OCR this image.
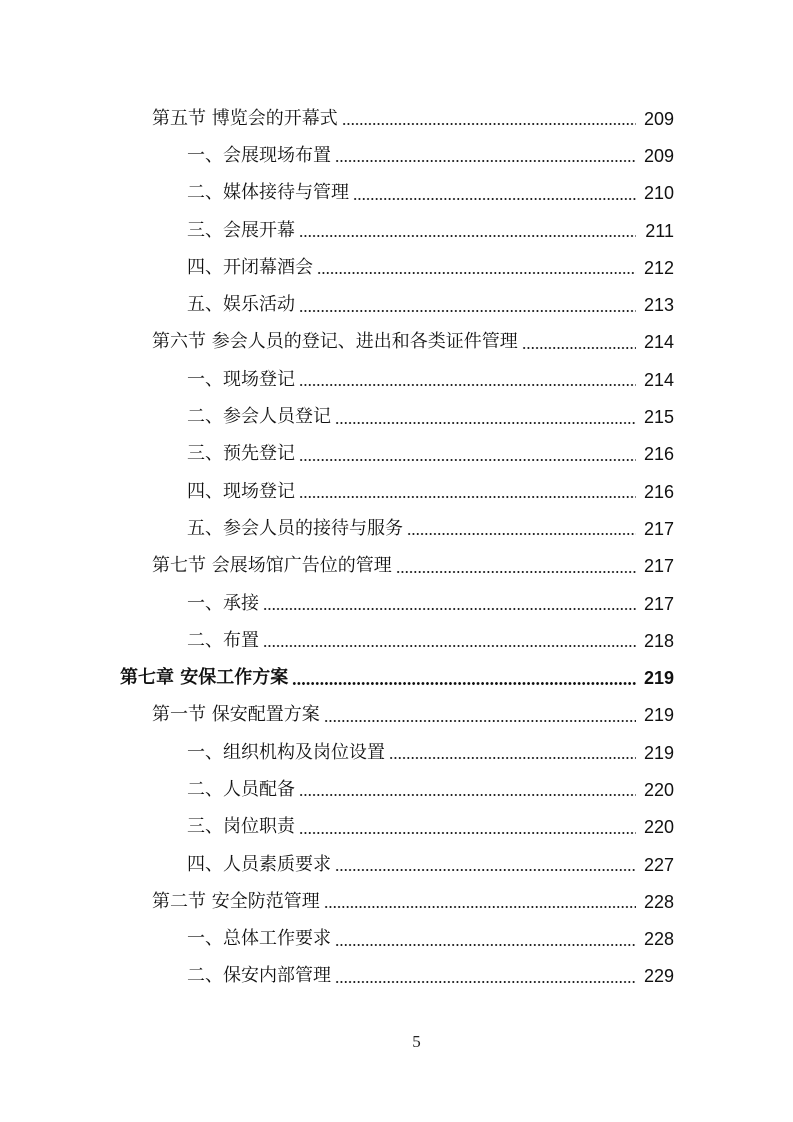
第五节 博览会的开幕式	209
一、会展现场布置	209
二、媒体接待与管理	210
三、会展开幕	211
四、开闭幕酒会	212
五、娱乐活动	213
第六节 参会人员的登记、进出和各类证件管理	214
一、现场登记	214
二、参会人员登记	215
三、预先登记	216
四、现场登记	216
五、参会人员的接待与服务	217
第七节 会展场馆广告位的管理	217
一、承接	217
二、布置	218
第七章 安保工作方案	219
第一节 保安配置方案	219
一、组织机构及岗位设置	219
二、人员配备	220
三、岗位职责	220
四、人员素质要求	227
第二节 安全防范管理	228
一、总体工作要求	228
二、保安内部管理	229
5
